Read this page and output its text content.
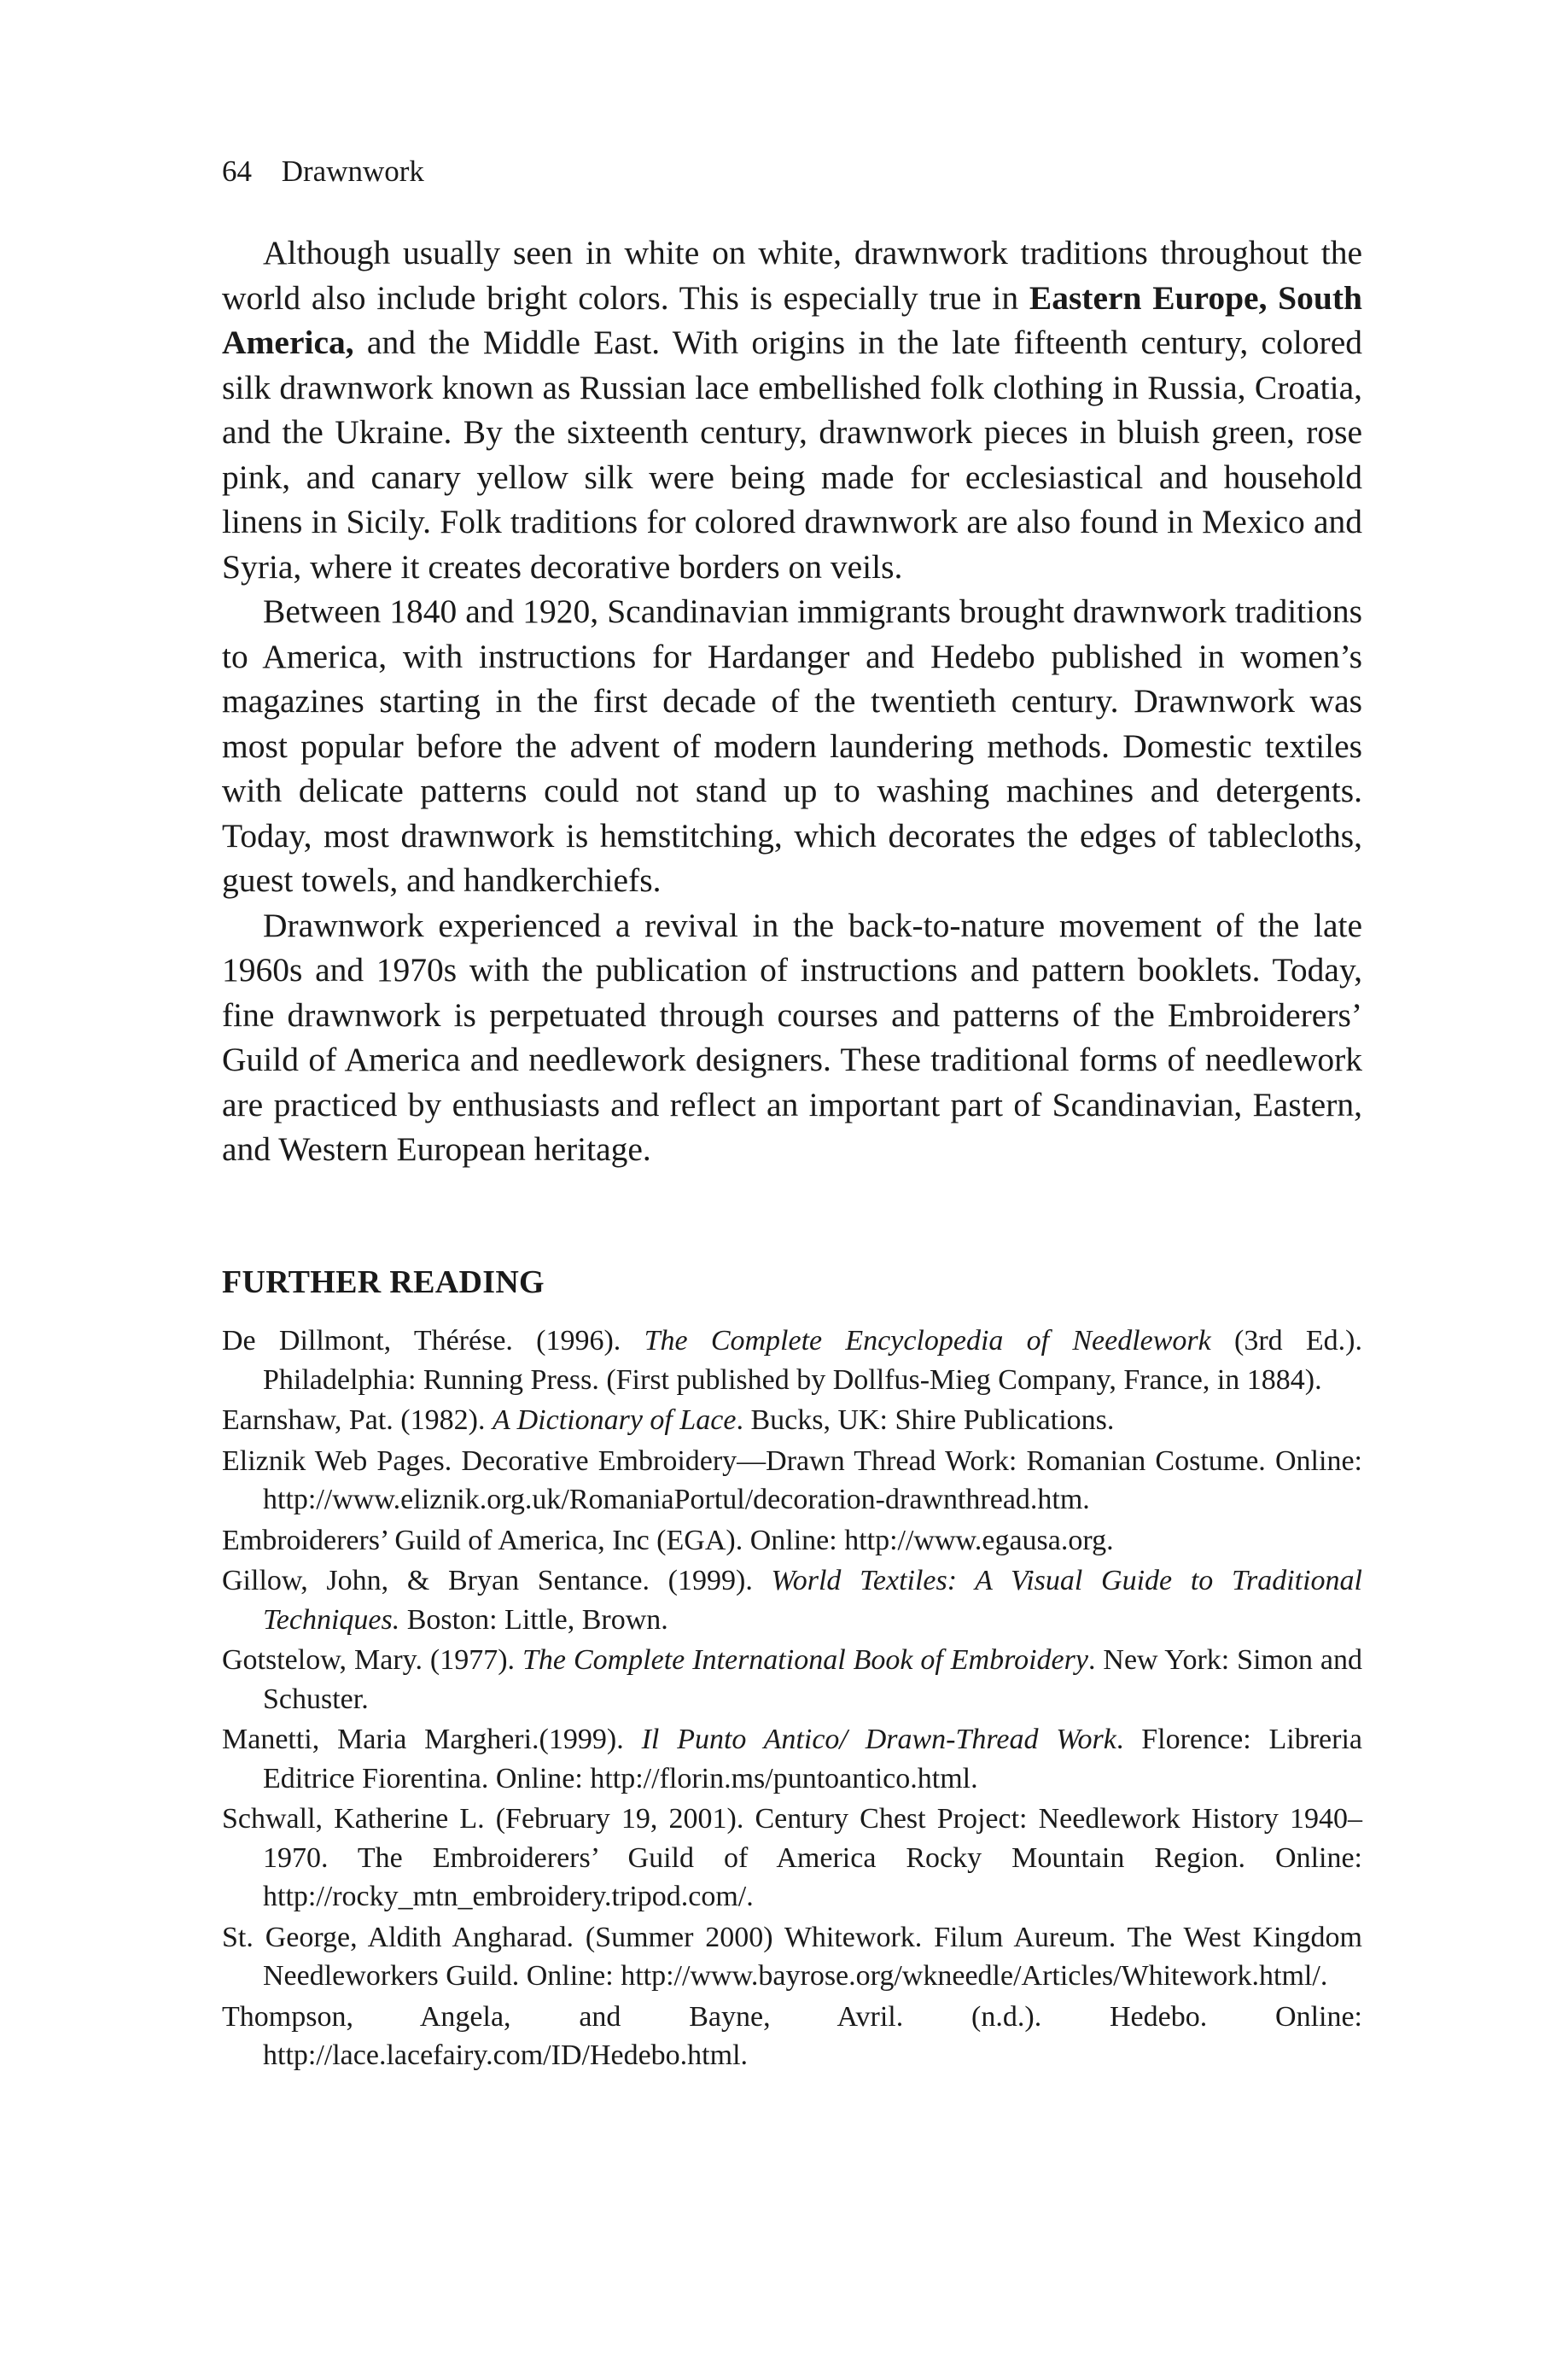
64 Drawnwork

Although usually seen in white on white, drawnwork traditions throughout the world also include bright colors. This is especially true in Eastern Europe, South America, and the Middle East. With origins in the late fifteenth century, colored silk drawnwork known as Russian lace embellished folk clothing in Russia, Croatia, and the Ukraine. By the sixteenth century, drawnwork pieces in bluish green, rose pink, and canary yellow silk were being made for ecclesiastical and household linens in Sicily. Folk traditions for colored drawnwork are also found in Mexico and Syria, where it creates decorative borders on veils.

Between 1840 and 1920, Scandinavian immigrants brought drawnwork traditions to America, with instructions for Hardanger and Hedebo published in women’s magazines starting in the first decade of the twentieth century. Drawnwork was most popular before the advent of modern laundering methods. Domestic textiles with delicate patterns could not stand up to washing machines and detergents. Today, most drawnwork is hemstitching, which decorates the edges of tablecloths, guest towels, and handkerchiefs.

Drawnwork experienced a revival in the back-to-nature movement of the late 1960s and 1970s with the publication of instructions and pattern booklets. Today, fine drawnwork is perpetuated through courses and patterns of the Embroiderers’ Guild of America and needlework designers. These traditional forms of needlework are practiced by enthusiasts and reflect an important part of Scandinavian, Eastern, and Western European heritage.

FURTHER READING
De Dillmont, Thérése. (1996). The Complete Encyclopedia of Needlework (3rd Ed.). Philadelphia: Running Press. (First published by Dollfus-Mieg Company, France, in 1884).
Earnshaw, Pat. (1982). A Dictionary of Lace. Bucks, UK: Shire Publications.
Eliznik Web Pages. Decorative Embroidery—Drawn Thread Work: Romanian Costume. Online: http://www.eliznik.org.uk/RomaniaPortul/decoration-drawnthread.htm.
Embroiderers’ Guild of America, Inc (EGA). Online: http://www.egausa.org.
Gillow, John, & Bryan Sentance. (1999). World Textiles: A Visual Guide to Traditional Techniques. Boston: Little, Brown.
Gotstelow, Mary. (1977). The Complete International Book of Embroidery. New York: Simon and Schuster.
Manetti, Maria Margheri.(1999). Il Punto Antico/ Drawn-Thread Work. Florence: Libreria Editrice Fiorentina. Online: http://florin.ms/puntoantico.html.
Schwall, Katherine L. (February 19, 2001). Century Chest Project: Needlework History 1940–1970. The Embroiderers’ Guild of America Rocky Mountain Region. Online: http://rocky_mtn_embroidery.tripod.com/.
St. George, Aldith Angharad. (Summer 2000) Whitework. Filum Aureum. The West Kingdom Needleworkers Guild. Online: http://www.bayrose.org/wkneedle/Articles/Whitework.html/.
Thompson, Angela, and Bayne, Avril. (n.d.). Hedebo. Online: http://lace.lacefairy.com/ID/Hedebo.html.
